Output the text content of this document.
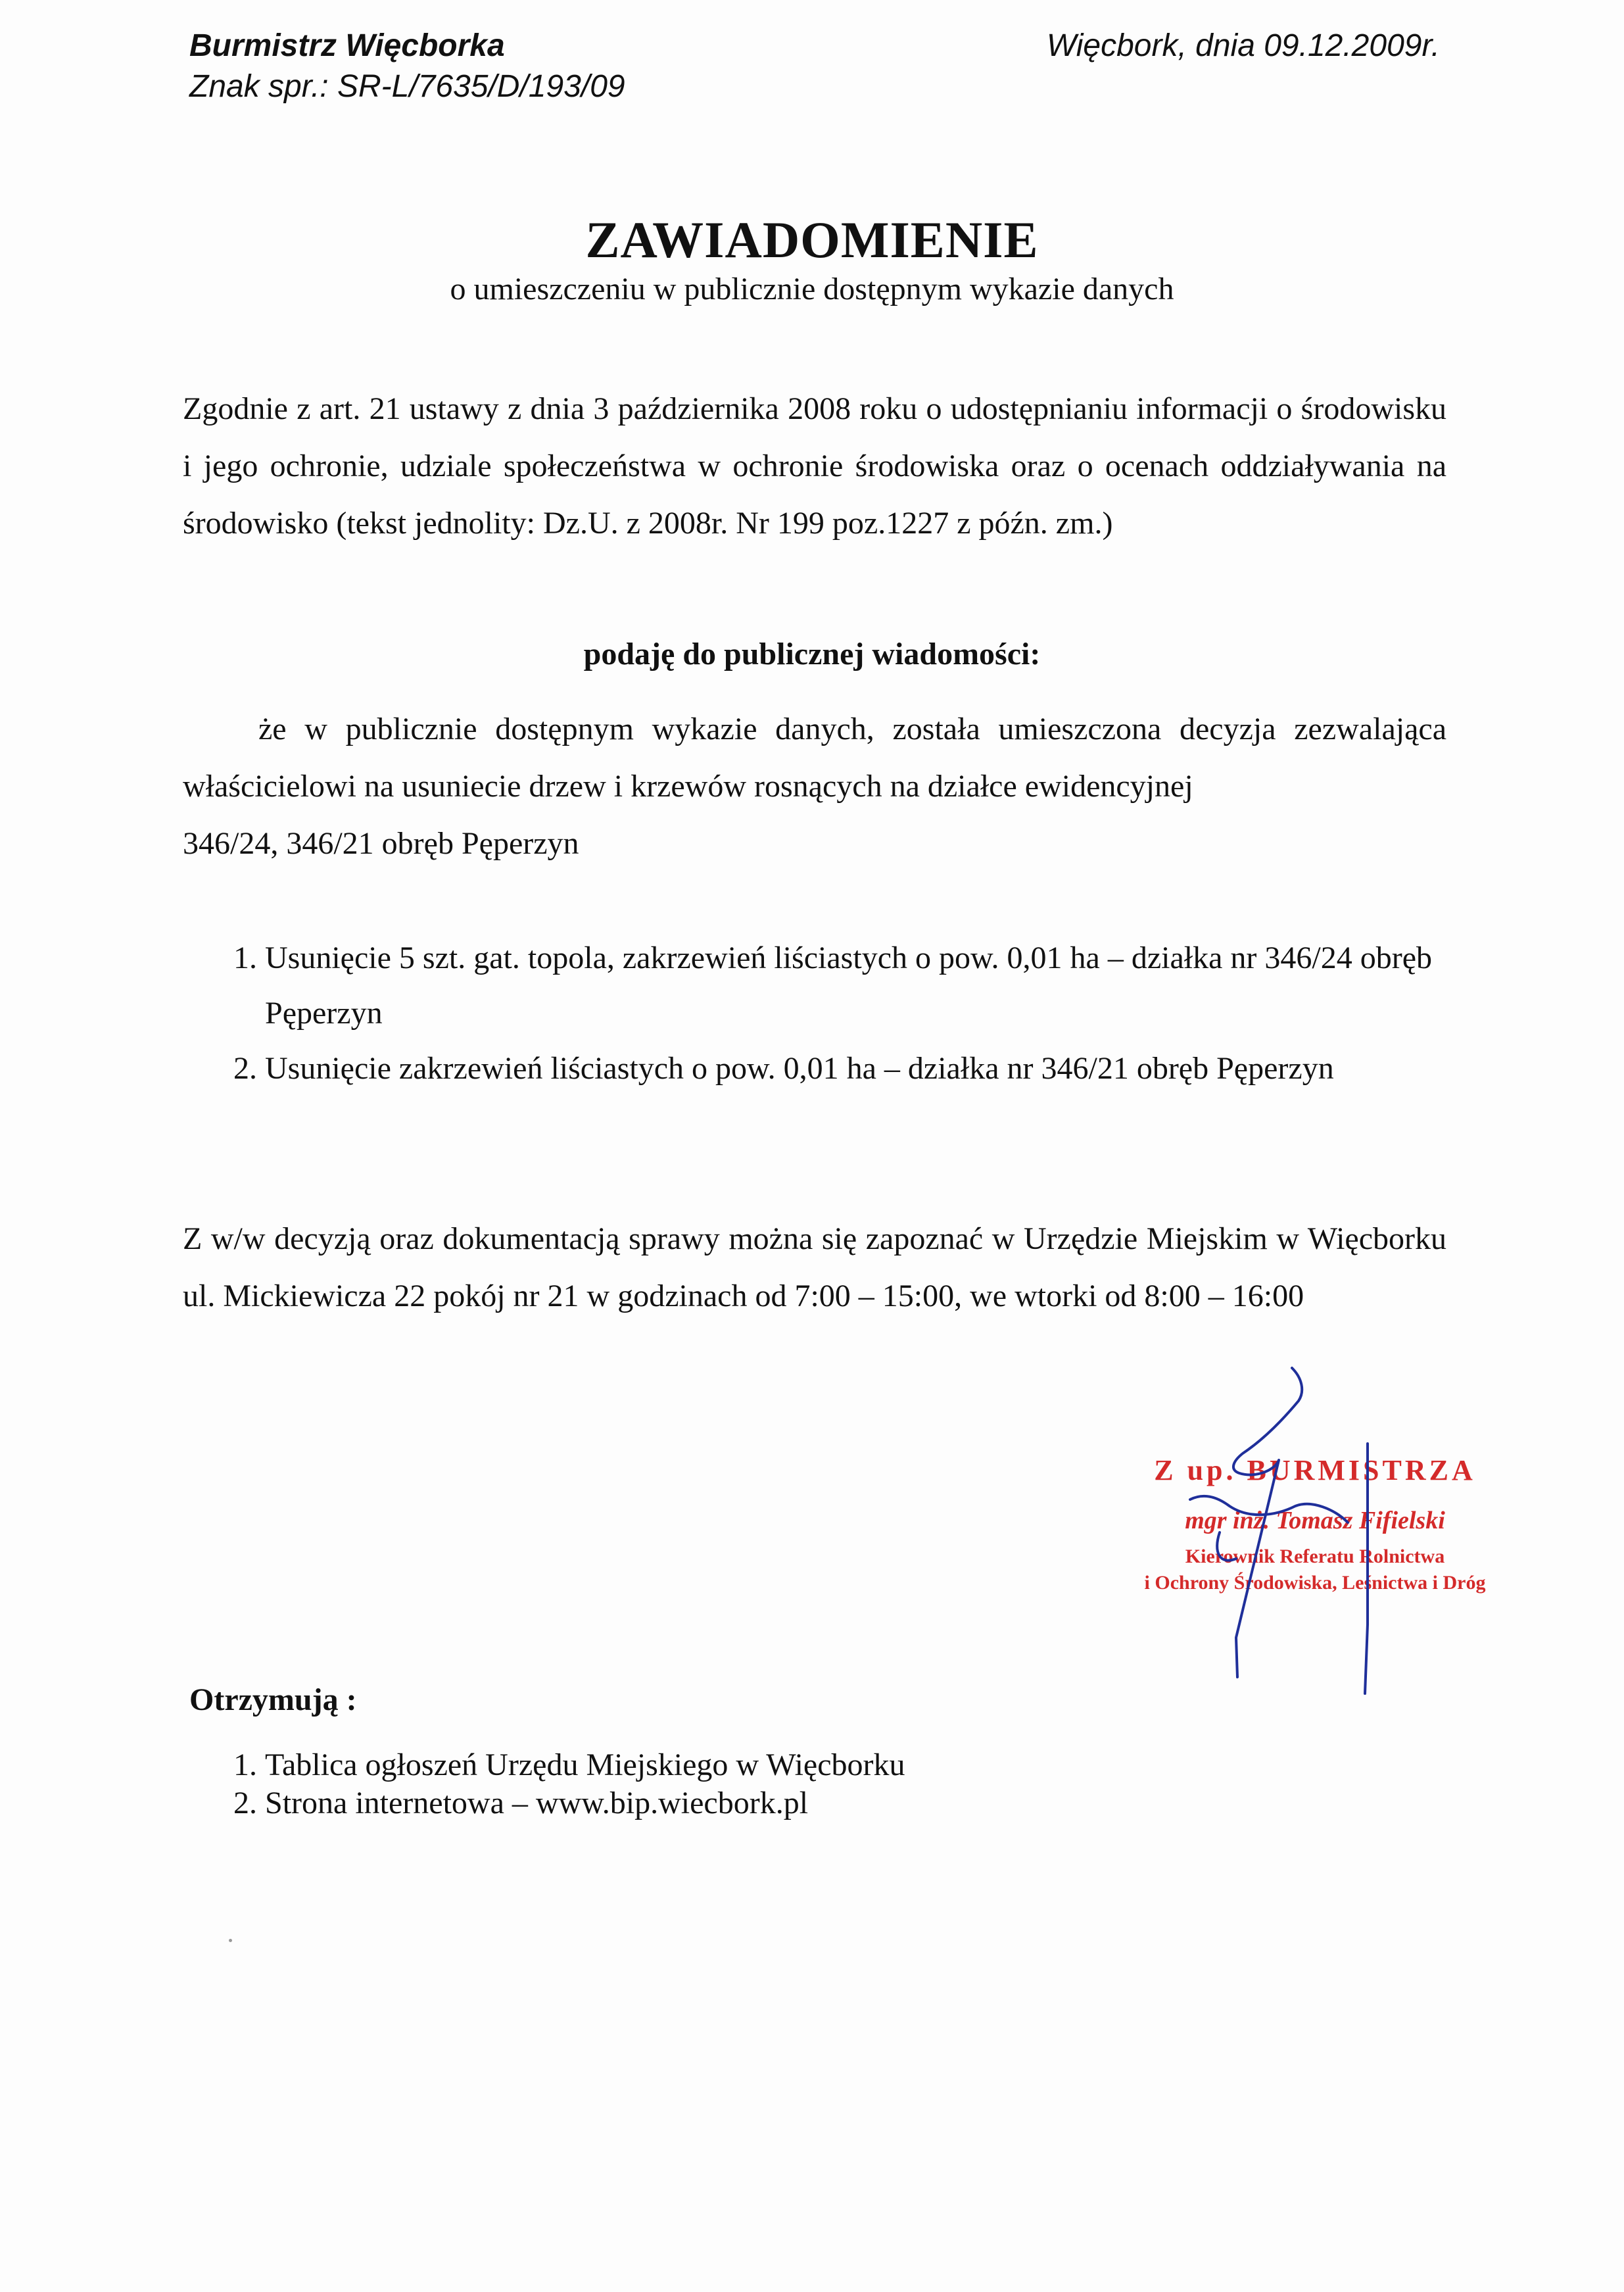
Burmistrz Więcborka
Znak spr.: SR-L/7635/D/193/09
Więcbork, dnia 09.12.2009r.
ZAWIADOMIENIE
o umieszczeniu w publicznie dostępnym wykazie danych
Zgodnie z art. 21 ustawy z dnia 3 października 2008 roku o udostępnianiu informacji o środowisku i jego ochronie, udziale społeczeństwa w ochronie środowiska oraz o ocenach oddziaływania na środowisko (tekst jednolity: Dz.U. z 2008r. Nr 199 poz.1227 z późn. zm.)
podaję do publicznej wiadomości:
że w publicznie dostępnym wykazie danych, została umieszczona decyzja zezwalająca
właścicielowi na usuniecie drzew i krzewów rosnących na działce ewidencyjnej
346/24, 346/21 obręb Pęperzyn
1. Usunięcie 5 szt. gat. topola, zakrzewień liściastych o pow. 0,01 ha – działka nr 346/24 obręb Pęperzyn
2. Usunięcie zakrzewień liściastych o pow. 0,01 ha – działka nr 346/21 obręb Pęperzyn
Z w/w decyzją oraz dokumentacją sprawy można się zapoznać w Urzędzie Miejskim w Więcborku ul. Mickiewicza 22 pokój nr 21 w godzinach od 7:00 – 15:00, we wtorki od 8:00 – 16:00
Z up. BURMISTRZA
mgr inż. Tomasz Fifielski
Kierownik Referatu Rolnictwa
i Ochrony Środowiska, Leśnictwa i Dróg
Otrzymują :
1. Tablica ogłoszeń Urzędu Miejskiego w Więcborku
2. Strona internetowa – www.bip.wiecbork.pl
